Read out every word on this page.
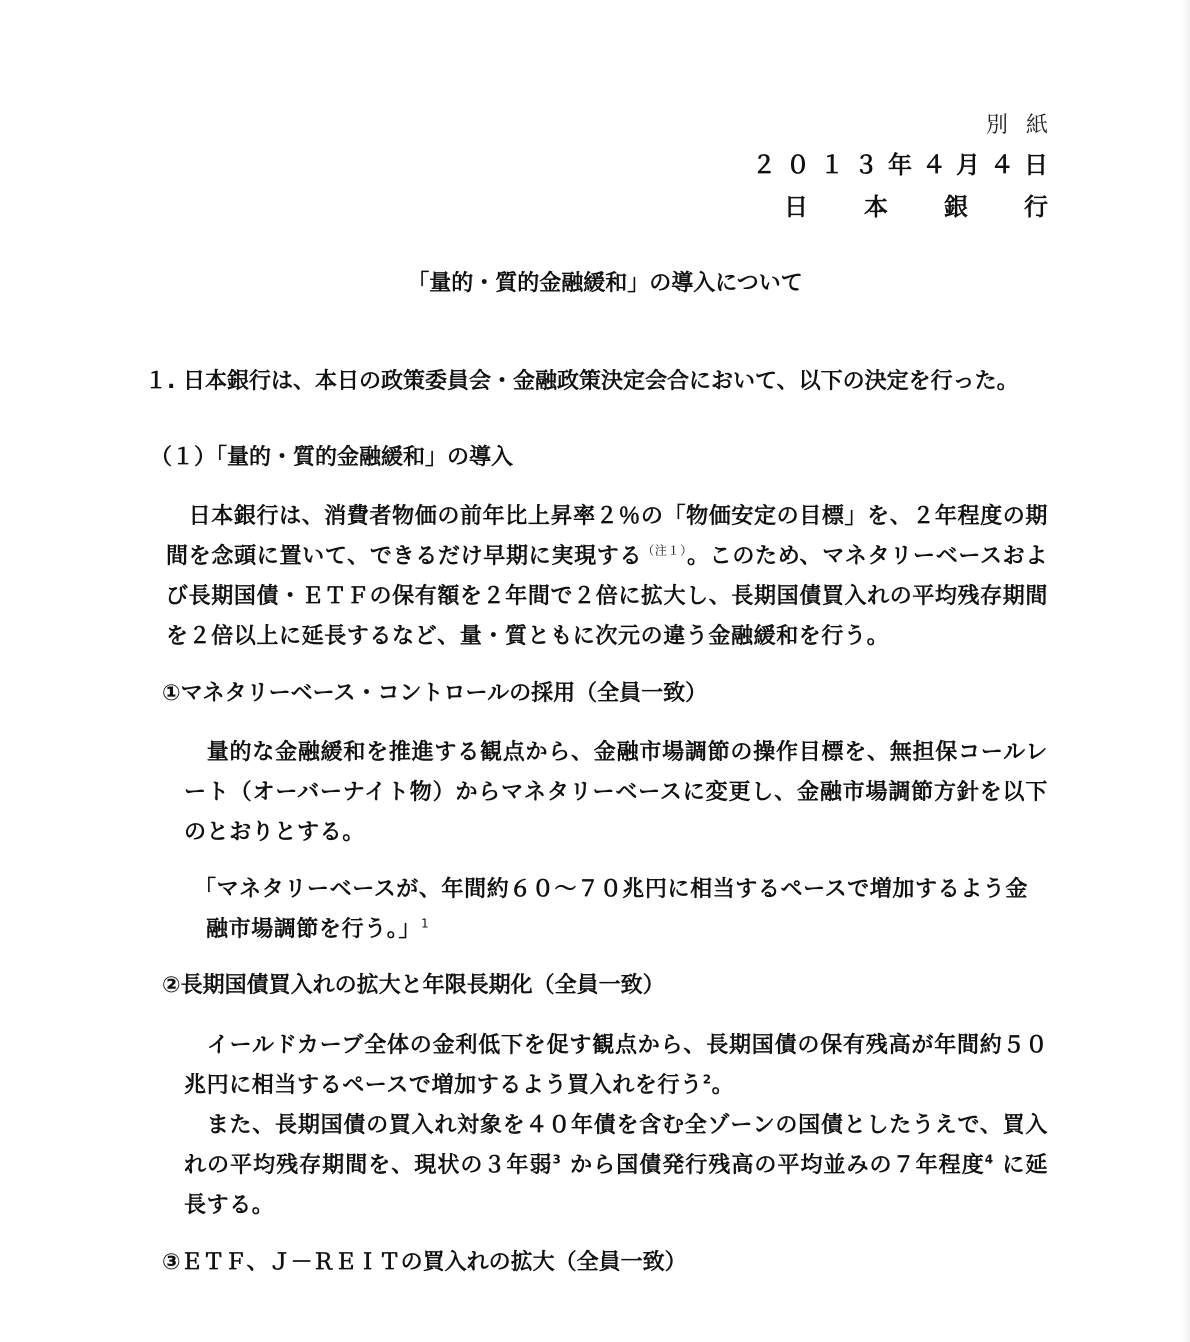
別紙
２０１３年４月４日
日本銀行
「量的・質的金融緩和」の導入について

１. 日本銀行は、本日の政策委員会・金融政策決定会合において、以下の決定を行った。

（１）「量的・質的金融緩和」の導入

　日本銀行は、消費者物価の前年比上昇率２％の「物価安定の目標」を、２年程度の期間を念頭に置いて、できるだけ早期に実現する$^{(注1)}$。このため、マネタリーベースおよび長期国債・ＥＴＦの保有額を２年間で２倍に拡大し、長期国債買入れの平均残存期間を２倍以上に延長するなど、量・質ともに次元の違う金融緩和を行う。

①マネタリーベース・コントロールの採用（全員一致）

　量的な金融緩和を推進する観点から、金融市場調節の操作目標を、無担保コールレート（オーバーナイト物）からマネタリーベースに変更し、金融市場調節方針を以下のとおりとする。

「マネタリーベースが、年間約６０～７０兆円に相当するペースで増加するよう金融市場調節を行う。」$^1$

②長期国債買入れの拡大と年限長期化（全員一致）

　イールドカーブ全体の金利低下を促す観点から、長期国債の保有残高が年間約５０兆円に相当するペースで増加するよう買入れを行う$^2$。

　また、長期国債の買入れ対象を４０年債を含む全ゾーンの国債としたうえで、買入れの平均残存期間を、現状の３年弱$^3$ から国債発行残高の平均並みの７年程度$^4$ に延長する。

③ＥＴＦ、Ｊ－ＲＥＩＴの買入れの拡大（全員一致）
